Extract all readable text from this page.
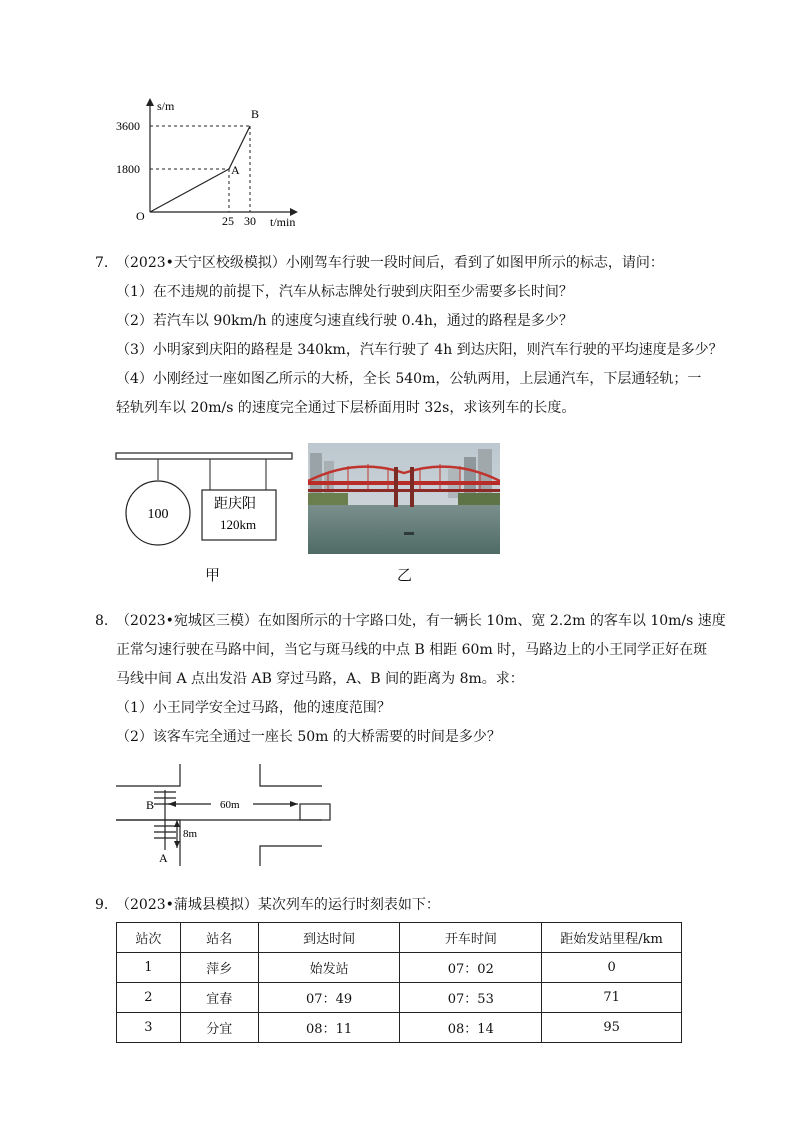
s/m
t/min
O
3600
1800
25 30
A
B
7. （2023•天宁区校级模拟）小刚驾车行驶一段时间后，看到了如图甲所示的标志，请问：
（1）在不违规的前提下，汽车从标志牌处行驶到庆阳至少需要多长时间？
（2）若汽车以 90km/h 的速度匀速直线行驶 0.4h，通过的路程是多少？
（3）小明家到庆阳的路程是 340km，汽车行驶了 4h 到达庆阳，则汽车行驶的平均速度是多少？
（4）小刚经过一座如图乙所示的大桥，全长 540m，公轨两用，上层通汽车，下层通轻轨；一
轻轨列车以 20m/s 的速度完全通过下层桥面用时 32s，求该列车的长度。
100
距庆阳
120km
甲	乙
8. （2023•宛城区三模）在如图所示的十字路口处，有一辆长 10m、宽 2.2m 的客车以 10m/s 速度
正常匀速行驶在马路中间，当它与斑马线的中点 B 相距 60m 时，马路边上的小王同学正好在斑
马线中间 A 点出发沿 AB 穿过马路，A、B 间的距离为 8m。求：
（1）小王同学安全过马路，他的速度范围？
（2）该客车完全通过一座长 50m 的大桥需要的时间是多少？
60m
8m
B
A
9. （2023•蒲城县模拟）某次列车的运行时刻表如下：
站次	站名	到达时间	开车时间	距始发站里程/km
1	萍乡	始发站	07：02	0
2	宜春	07：49	07：53	71
3	分宜	08：11	08：14	95
